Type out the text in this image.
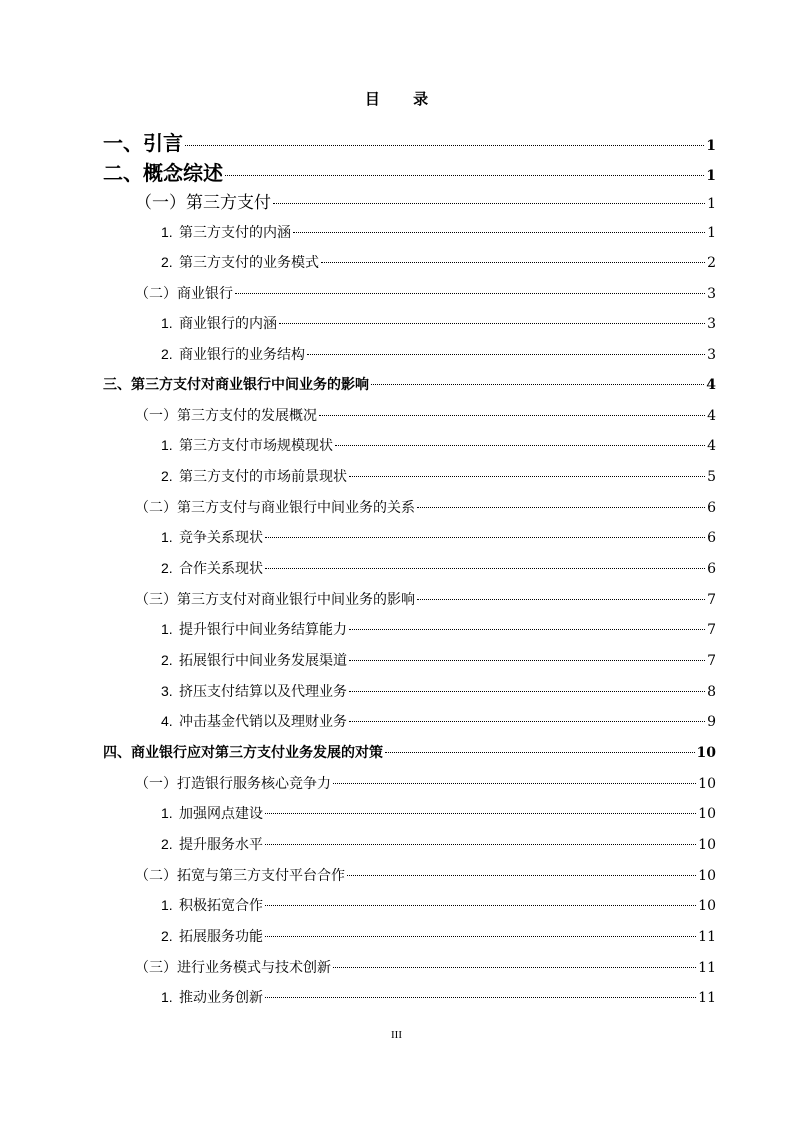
目 录
一、引言	1
二、概念综述	1
（一）第三方支付	1
1. 第三方支付的内涵	1
2. 第三方支付的业务模式	2
（二）商业银行	3
1. 商业银行的内涵	3
2. 商业银行的业务结构	3
三、第三方支付对商业银行中间业务的影响	4
（一）第三方支付的发展概况	4
1. 第三方支付市场规模现状	4
2. 第三方支付的市场前景现状	5
（二）第三方支付与商业银行中间业务的关系	6
1. 竞争关系现状	6
2. 合作关系现状	6
（三）第三方支付对商业银行中间业务的影响	7
1. 提升银行中间业务结算能力	7
2. 拓展银行中间业务发展渠道	7
3. 挤压支付结算以及代理业务	8
4. 冲击基金代销以及理财业务	9
四、商业银行应对第三方支付业务发展的对策	10
（一）打造银行服务核心竞争力	10
1. 加强网点建设	10
2. 提升服务水平	10
（二）拓宽与第三方支付平台合作	10
1. 积极拓宽合作	10
2. 拓展服务功能	11
（三）进行业务模式与技术创新	11
1. 推动业务创新	11
III
